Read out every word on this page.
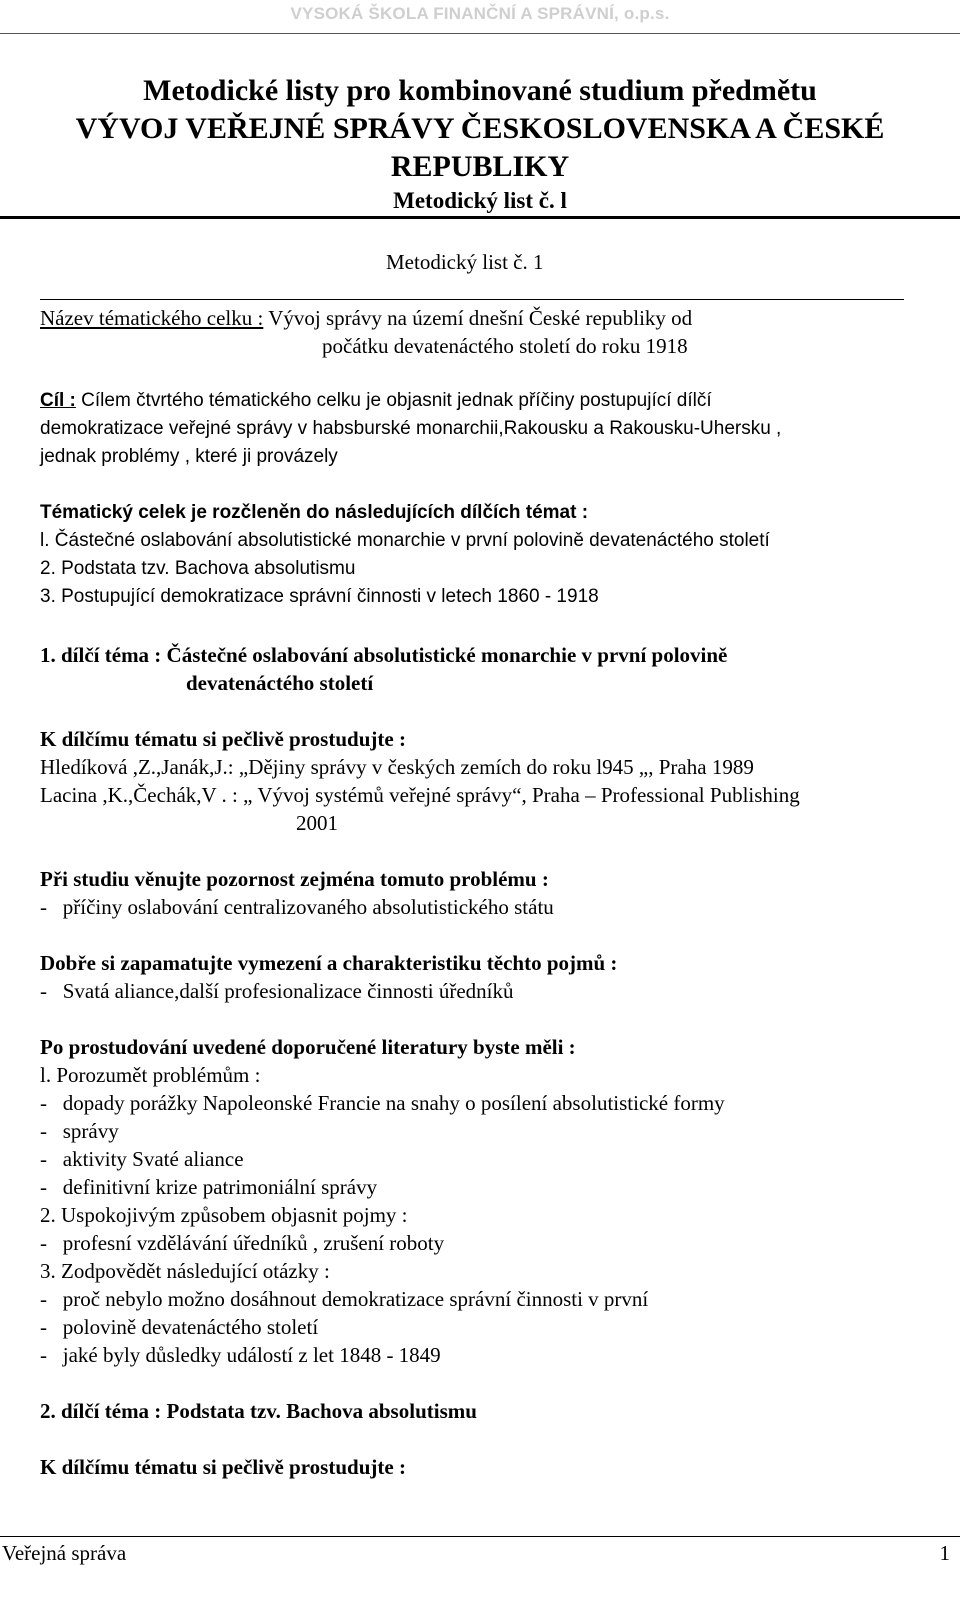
VYSOKÁ ŠKOLA FINANČNÍ A SPRÁVNÍ, o.p.s.
Metodické listy pro kombinované studium předmětu
VÝVOJ VEŘEJNÉ SPRÁVY ČESKOSLOVENSKA A ČESKÉ
REPUBLIKY
Metodický list č. l
Metodický list č. 1
Název tématického celku : Vývoj správy na území dnešní České republiky od
počátku devatenáctého století do roku 1918
Cíl : Cílem čtvrtého tématického celku je objasnit jednak příčiny postupující dílčí
demokratizace veřejné správy v habsburské monarchii,Rakousku a Rakousku-Uhersku ,
jednak problémy , které ji provázely
Tématický celek je rozčleněn do následujících dílčích témat :
l. Částečné oslabování absolutistické monarchie v první polovině devatenáctého století
2. Podstata tzv. Bachova absolutismu
3. Postupující demokratizace správní činnosti v letech 1860 - 1918
1. dílčí téma : Částečné oslabování absolutistické monarchie v první polovině
devatenáctého století
K dílčímu tématu si pečlivě prostudujte :
Hledíková ,Z.,Janák,J.: „Dějiny správy v českých zemích do roku l945 „, Praha 1989
Lacina ,K.,Čechák,V . : „ Vývoj systémů veřejné správy“, Praha – Professional Publishing
2001
Při studiu věnujte pozornost zejména tomuto problému :
-   příčiny oslabování centralizovaného absolutistického státu
Dobře si zapamatujte vymezení a charakteristiku těchto pojmů :
-   Svatá aliance,další profesionalizace činnosti úředníků
Po prostudování uvedené doporučené literatury byste měli :
l. Porozumět problémům :
-   dopady porážky Napoleonské Francie na snahy o posílení absolutistické formy
-   správy
-   aktivity Svaté aliance
-   definitivní krize patrimoniální správy
2. Uspokojivým způsobem objasnit pojmy :
-   profesní vzdělávání úředníků , zrušení roboty
3. Zodpovědět následující otázky :
-   proč nebylo možno dosáhnout demokratizace správní činnosti v první
-   polovině devatenáctého století
-   jaké byly důsledky událostí z let 1848 - 1849
2. dílčí téma : Podstata tzv. Bachova absolutismu
K dílčímu tématu si pečlivě prostudujte :
Veřejná správa	1
